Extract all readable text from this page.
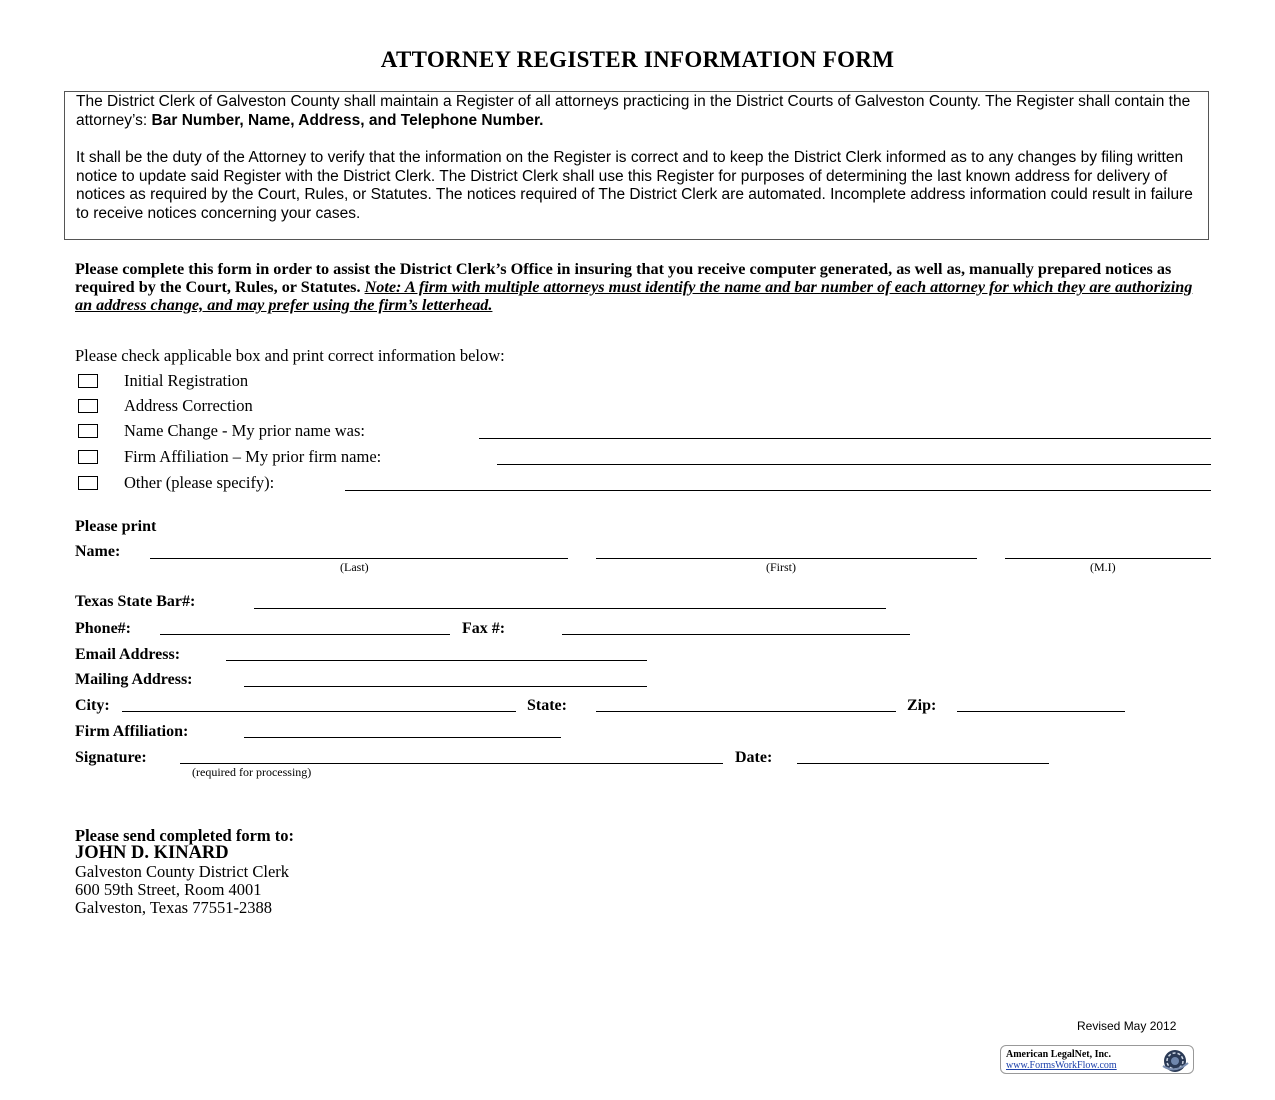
ATTORNEY REGISTER INFORMATION FORM
The District Clerk of Galveston County shall maintain a Register of all attorneys practicing in the District Courts of Galveston County. The Register shall contain the attorney’s: Bar Number, Name, Address, and Telephone Number.
It shall be the duty of the Attorney to verify that the information on the Register is correct and to keep the District Clerk informed as to any changes by filing written notice to update said Register with the District Clerk. The District Clerk shall use this Register for purposes of determining the last known address for delivery of notices as required by the Court, Rules, or Statutes. The notices required of The District Clerk are automated. Incomplete address information could result in failure to receive notices concerning your cases.
Please complete this form in order to assist the District Clerk’s Office in insuring that you receive computer generated, as well as, manually prepared notices as required by the Court, Rules, or Statutes. Note: A firm with multiple attorneys must identify the name and bar number of each attorney for which they are authorizing an address change, and may prefer using the firm’s letterhead.
Please check applicable box and print correct information below:
Initial Registration
Address Correction
Name Change - My prior name was:
Firm Affiliation – My prior firm name:
Other (please specify):
Please print
Name:
(Last)	(First)	(M.I)
Texas State Bar#:
Phone#:	Fax #:
Email Address:
Mailing Address:
City:	State:	Zip:
Firm Affiliation:
Signature:
(required for processing)
Date:
Please send completed form to:
JOHN D. KINARD
Galveston County District Clerk
600 59th Street, Room 4001
Galveston, Texas 77551-2388
Revised May 2012
American LegalNet, Inc.
www.FormsWorkFlow.com
